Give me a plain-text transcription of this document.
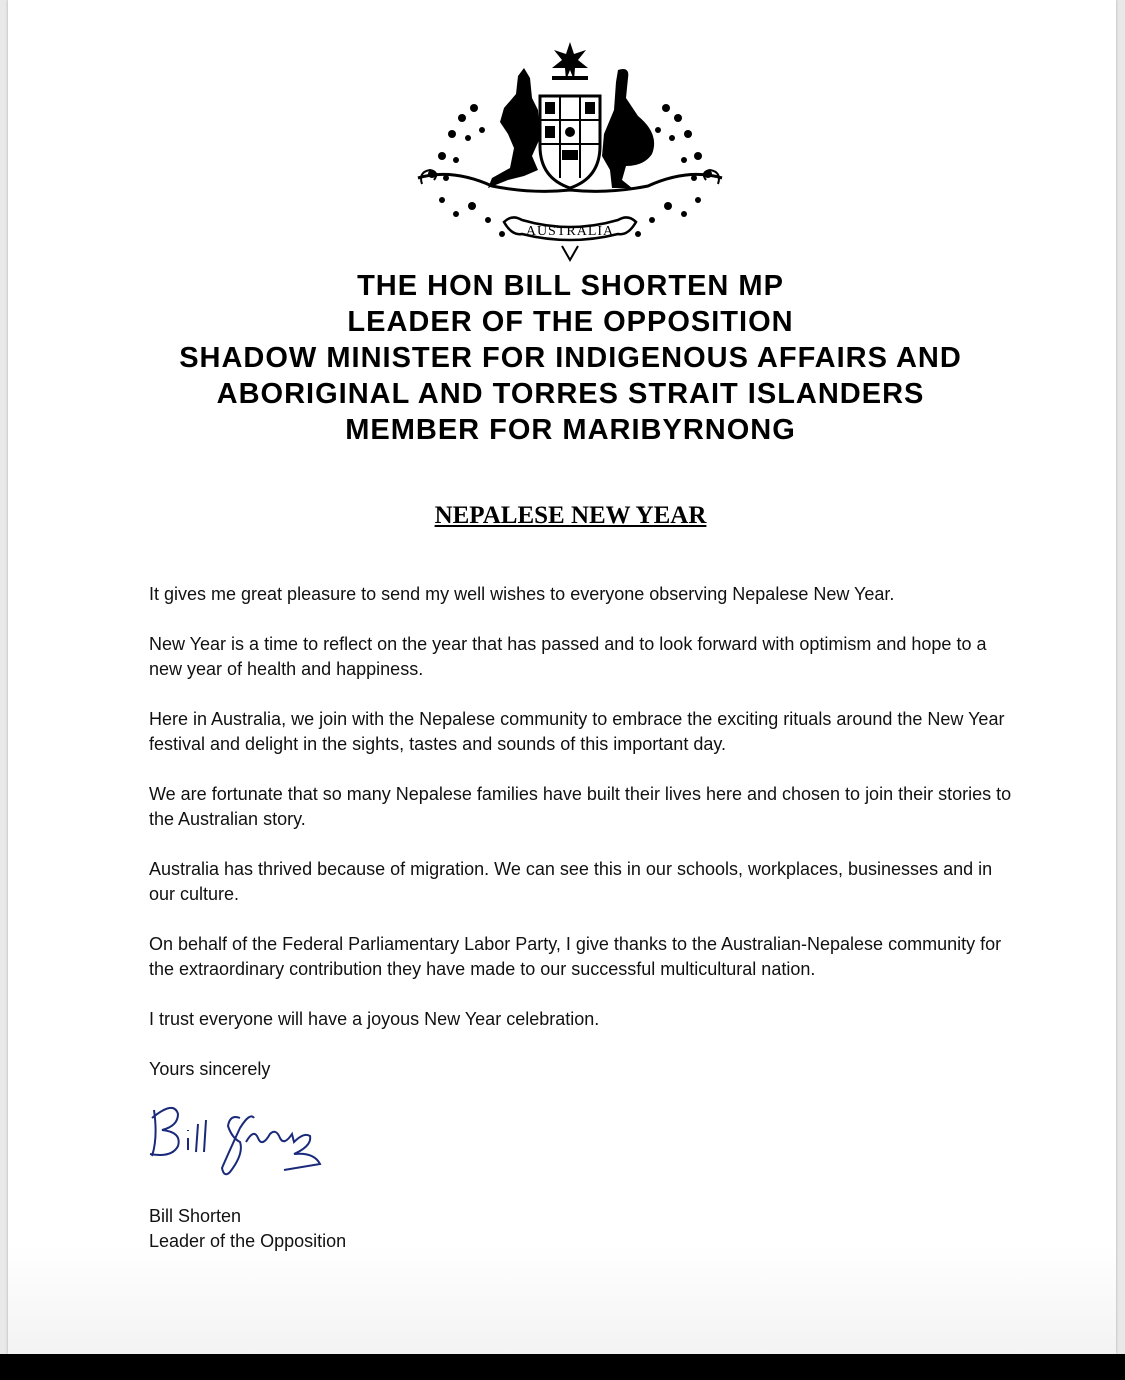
AUSTRALIA
THE HON BILL SHORTEN MP
LEADER OF THE OPPOSITION
SHADOW MINISTER FOR INDIGENOUS AFFAIRS AND
ABORIGINAL AND TORRES STRAIT ISLANDERS
MEMBER FOR MARIBYRNONG
NEPALESE NEW YEAR

It gives me great pleasure to send my well wishes to everyone observing Nepalese New Year.

New Year is a time to reflect on the year that has passed and to look forward with optimism and hope to a new year of health and happiness.

Here in Australia, we join with the Nepalese community to embrace the exciting rituals around the New Year festival and delight in the sights, tastes and sounds of this important day.

We are fortunate that so many Nepalese families have built their lives here and chosen to join their stories to the Australian story.

Australia has thrived because of migration. We can see this in our schools, workplaces, businesses and in our culture.

On behalf of the Federal Parliamentary Labor Party, I give thanks to the Australian-Nepalese community for the extraordinary contribution they have made to our successful multicultural nation.

I trust everyone will have a joyous New Year celebration.

Yours sincerely

Bill Shorten
Leader of the Opposition
